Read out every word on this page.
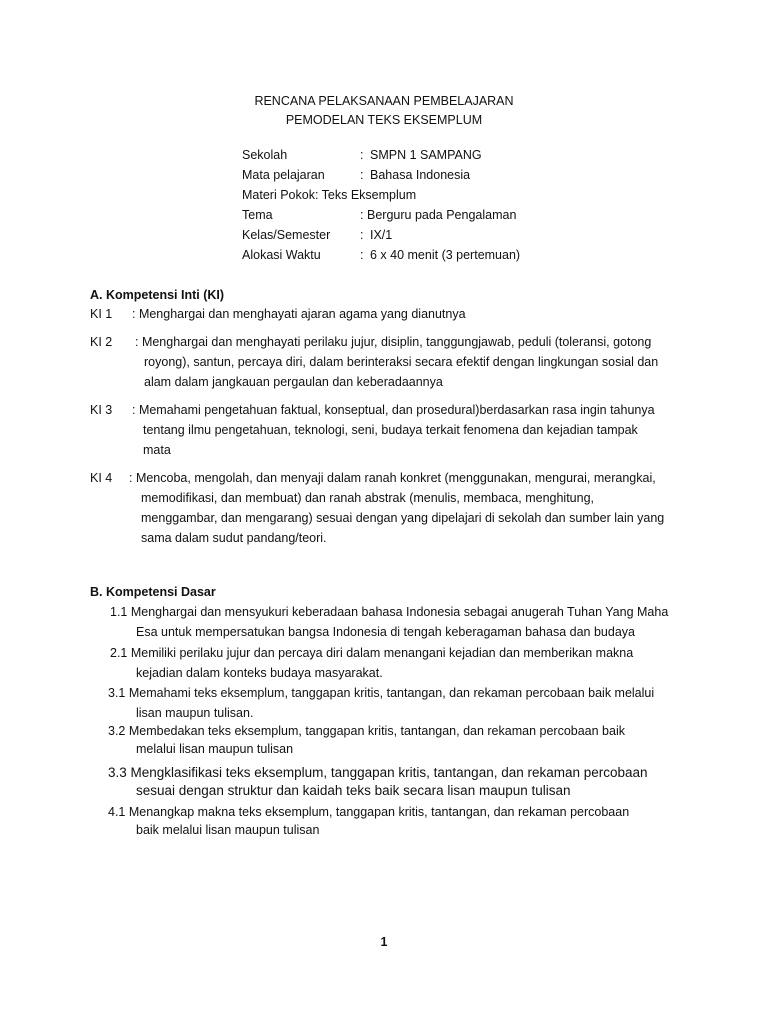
RENCANA PELAKSANAAN PEMBELAJARAN
PEMODELAN TEKS EKSEMPLUM
Sekolah	: SMPN 1 SAMPANG
Mata pelajaran	: Bahasa Indonesia
Materi Pokok: Teks Eksemplum
Tema	: Berguru pada Pengalaman
Kelas/Semester : IX/1
Alokasi Waktu	: 6 x 40 menit (3 pertemuan)
A. Kompetensi Inti (KI)
KI 1 : Menghargai dan menghayati ajaran agama yang dianutnya
KI 2 : Menghargai dan menghayati perilaku jujur, disiplin, tanggungjawab, peduli (toleransi, gotong
royong), santun, percaya diri, dalam berinteraksi secara efektif dengan lingkungan sosial dan
alam dalam jangkauan pergaulan dan keberadaannya
KI 3 : Memahami pengetahuan faktual, konseptual, dan prosedural)berdasarkan rasa ingin tahunya
tentang ilmu pengetahuan, teknologi, seni, budaya terkait fenomena dan kejadian tampak
mata
KI 4 : Mencoba, mengolah, dan menyaji dalam ranah konkret (menggunakan, mengurai, merangkai,
memodifikasi, dan membuat) dan ranah abstrak (menulis, membaca, menghitung,
menggambar, dan mengarang) sesuai dengan yang dipelajari di sekolah dan sumber lain yang
sama dalam sudut pandang/teori.
B. Kompetensi Dasar
1.1 Menghargai dan mensyukuri keberadaan bahasa Indonesia sebagai anugerah Tuhan Yang Maha
Esa untuk mempersatukan bangsa Indonesia di tengah keberagaman bahasa dan budaya
2.1 Memiliki perilaku jujur dan percaya diri dalam menangani kejadian dan memberikan makna
kejadian dalam konteks budaya masyarakat.
3.1 Memahami teks eksemplum, tanggapan kritis, tantangan, dan rekaman percobaan baik melalui
lisan maupun tulisan.
3.2 Membedakan teks eksemplum, tanggapan kritis, tantangan, dan rekaman percobaan baik
melalui lisan maupun tulisan
3.3 Mengklasifikasi teks eksemplum, tanggapan kritis, tantangan, dan rekaman percobaan
sesuai dengan struktur dan kaidah teks baik secara lisan maupun tulisan
4.1 Menangkap makna teks eksemplum, tanggapan kritis, tantangan, dan rekaman percobaan
baik melalui lisan maupun tulisan
1
